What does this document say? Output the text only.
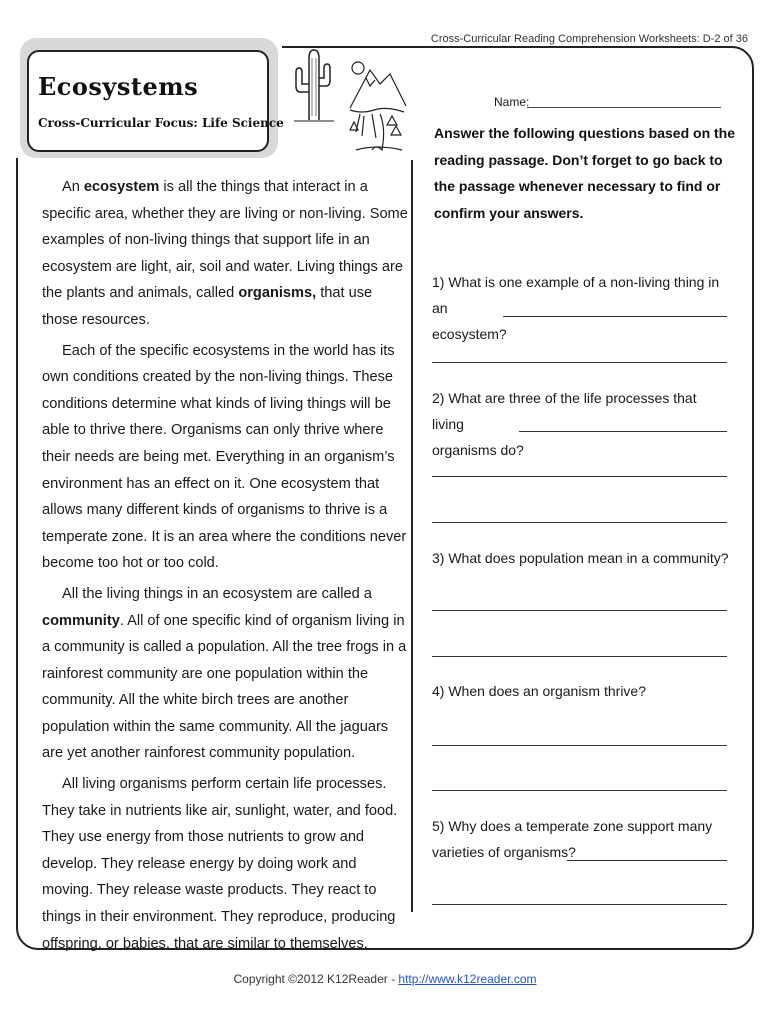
Cross-Curricular Reading Comprehension Worksheets: D-2 of 36
Ecosystems
Cross-Curricular Focus: Life Science

An ecosystem is all the things that interact in a specific area, whether they are living or non-living. Some examples of non-living things that support life in an ecosystem are light, air, soil and water. Living things are the plants and animals, called organisms, that use those resources.

Each of the specific ecosystems in the world has its own conditions created by the non-living things. These conditions determine what kinds of living things will be able to thrive there. Organisms can only thrive where their needs are being met. Everything in an organism’s environment has an effect on it. One ecosystem that allows many different kinds of organisms to thrive is a temperate zone. It is an area where the conditions never become too hot or too cold.

All the living things in an ecosystem are called a community. All of one specific kind of organism living in a community is called a population. All the tree frogs in a rainforest community are one population within the community. All the white birch trees are another population within the same community. All the jaguars are yet another rainforest community population.

All living organisms perform certain life processes. They take in nutrients like air, sunlight, water, and food. They use energy from those nutrients to grow and develop. They release energy by doing work and moving. They release waste products. They react to things in their environment. They reproduce, producing offspring, or babies, that are similar to themselves.

Name:
Answer the following questions based on the reading passage. Don’t forget to go back to the passage whenever necessary to find or confirm your answers.
1) What is one example of a non-living thing in an
ecosystem?
2) What are three of the life processes that living
organisms do?
3) What does population mean in a community?
4) When does an organism thrive?
5) Why does a temperate zone support many
varieties of organisms?
Copyright ©2012 K12Reader - http://www.k12reader.com
